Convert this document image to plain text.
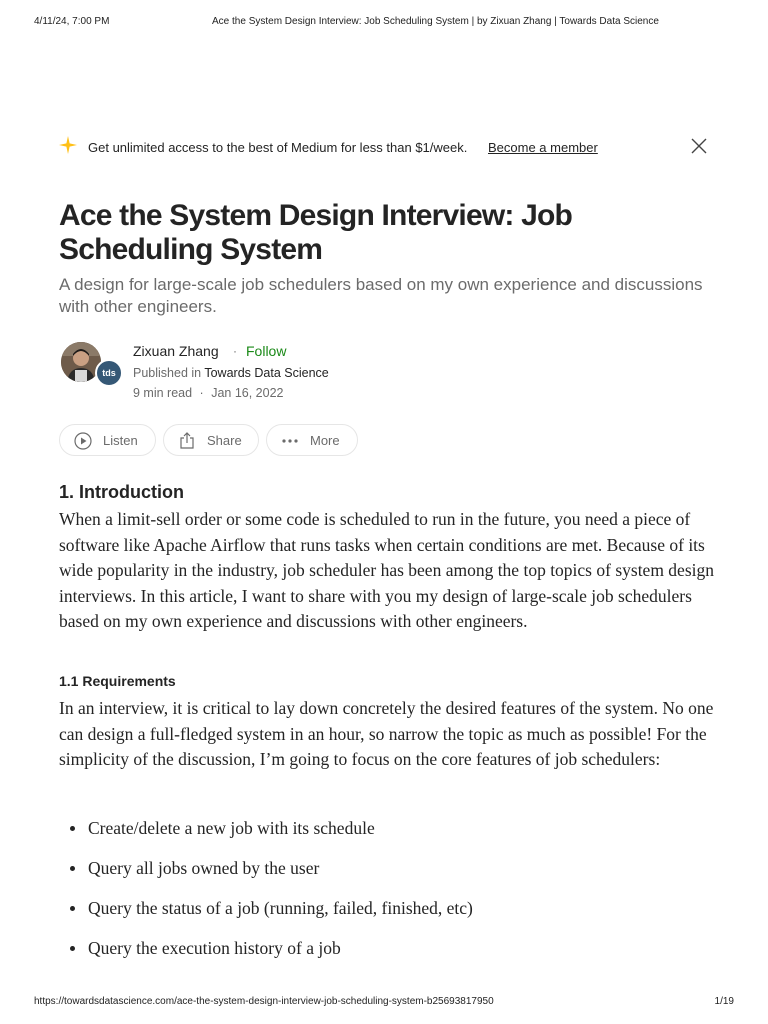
4/11/24, 7:00 PM	Ace the System Design Interview: Job Scheduling System | by Zixuan Zhang | Towards Data Science
Get unlimited access to the best of Medium for less than $1/week. Become a member
Ace the System Design Interview: Job Scheduling System

A design for large-scale job schedulers based on my own experience and discussions with other engineers.

tds
Zixuan Zhang · Follow
Published in Towards Data Science
9 min read · Jan 16, 2022
Listen	Share	More
1. Introduction

When a limit-sell order or some code is scheduled to run in the future, you need a piece of software like Apache Airflow that runs tasks when certain conditions are met. Because of its wide popularity in the industry, job scheduler has been among the top topics of system design interviews. In this article, I want to share with you my design of large-scale job schedulers based on my own experience and discussions with other engineers.

1.1 Requirements

In an interview, it is critical to lay down concretely the desired features of the system. No one can design a full-fledged system in an hour, so narrow the topic as much as possible! For the simplicity of the discussion, I’m going to focus on the core features of job schedulers:

Create/delete a new job with its schedule
Query all jobs owned by the user
Query the status of a job (running, failed, finished, etc)
Query the execution history of a job
https://towardsdatascience.com/ace-the-system-design-interview-job-scheduling-system-b25693817950	1/19
